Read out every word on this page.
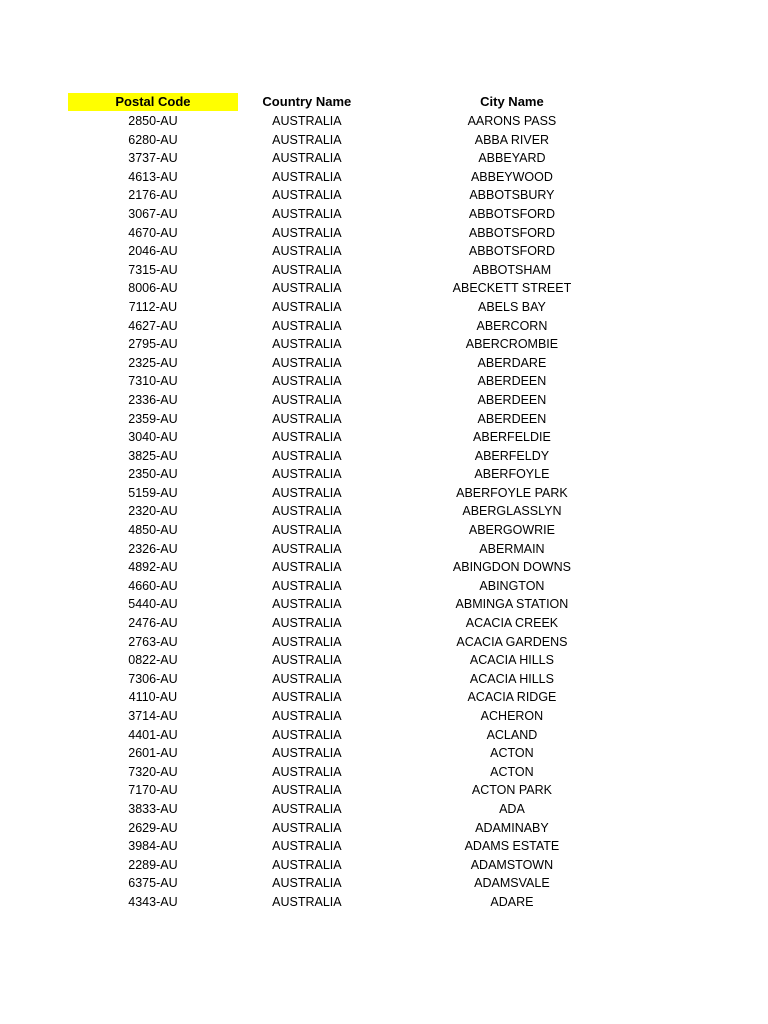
Postal Code	Country Name	City Name
2850-AU	AUSTRALIA	AARONS PASS
6280-AU	AUSTRALIA	ABBA RIVER
3737-AU	AUSTRALIA	ABBEYARD
4613-AU	AUSTRALIA	ABBEYWOOD
2176-AU	AUSTRALIA	ABBOTSBURY
3067-AU	AUSTRALIA	ABBOTSFORD
4670-AU	AUSTRALIA	ABBOTSFORD
2046-AU	AUSTRALIA	ABBOTSFORD
7315-AU	AUSTRALIA	ABBOTSHAM
8006-AU	AUSTRALIA	ABECKETT STREET
7112-AU	AUSTRALIA	ABELS BAY
4627-AU	AUSTRALIA	ABERCORN
2795-AU	AUSTRALIA	ABERCROMBIE
2325-AU	AUSTRALIA	ABERDARE
7310-AU	AUSTRALIA	ABERDEEN
2336-AU	AUSTRALIA	ABERDEEN
2359-AU	AUSTRALIA	ABERDEEN
3040-AU	AUSTRALIA	ABERFELDIE
3825-AU	AUSTRALIA	ABERFELDY
2350-AU	AUSTRALIA	ABERFOYLE
5159-AU	AUSTRALIA	ABERFOYLE PARK
2320-AU	AUSTRALIA	ABERGLASSLYN
4850-AU	AUSTRALIA	ABERGOWRIE
2326-AU	AUSTRALIA	ABERMAIN
4892-AU	AUSTRALIA	ABINGDON DOWNS
4660-AU	AUSTRALIA	ABINGTON
5440-AU	AUSTRALIA	ABMINGA STATION
2476-AU	AUSTRALIA	ACACIA CREEK
2763-AU	AUSTRALIA	ACACIA GARDENS
0822-AU	AUSTRALIA	ACACIA HILLS
7306-AU	AUSTRALIA	ACACIA HILLS
4110-AU	AUSTRALIA	ACACIA RIDGE
3714-AU	AUSTRALIA	ACHERON
4401-AU	AUSTRALIA	ACLAND
2601-AU	AUSTRALIA	ACTON
7320-AU	AUSTRALIA	ACTON
7170-AU	AUSTRALIA	ACTON PARK
3833-AU	AUSTRALIA	ADA
2629-AU	AUSTRALIA	ADAMINABY
3984-AU	AUSTRALIA	ADAMS ESTATE
2289-AU	AUSTRALIA	ADAMSTOWN
6375-AU	AUSTRALIA	ADAMSVALE
4343-AU	AUSTRALIA	ADARE
